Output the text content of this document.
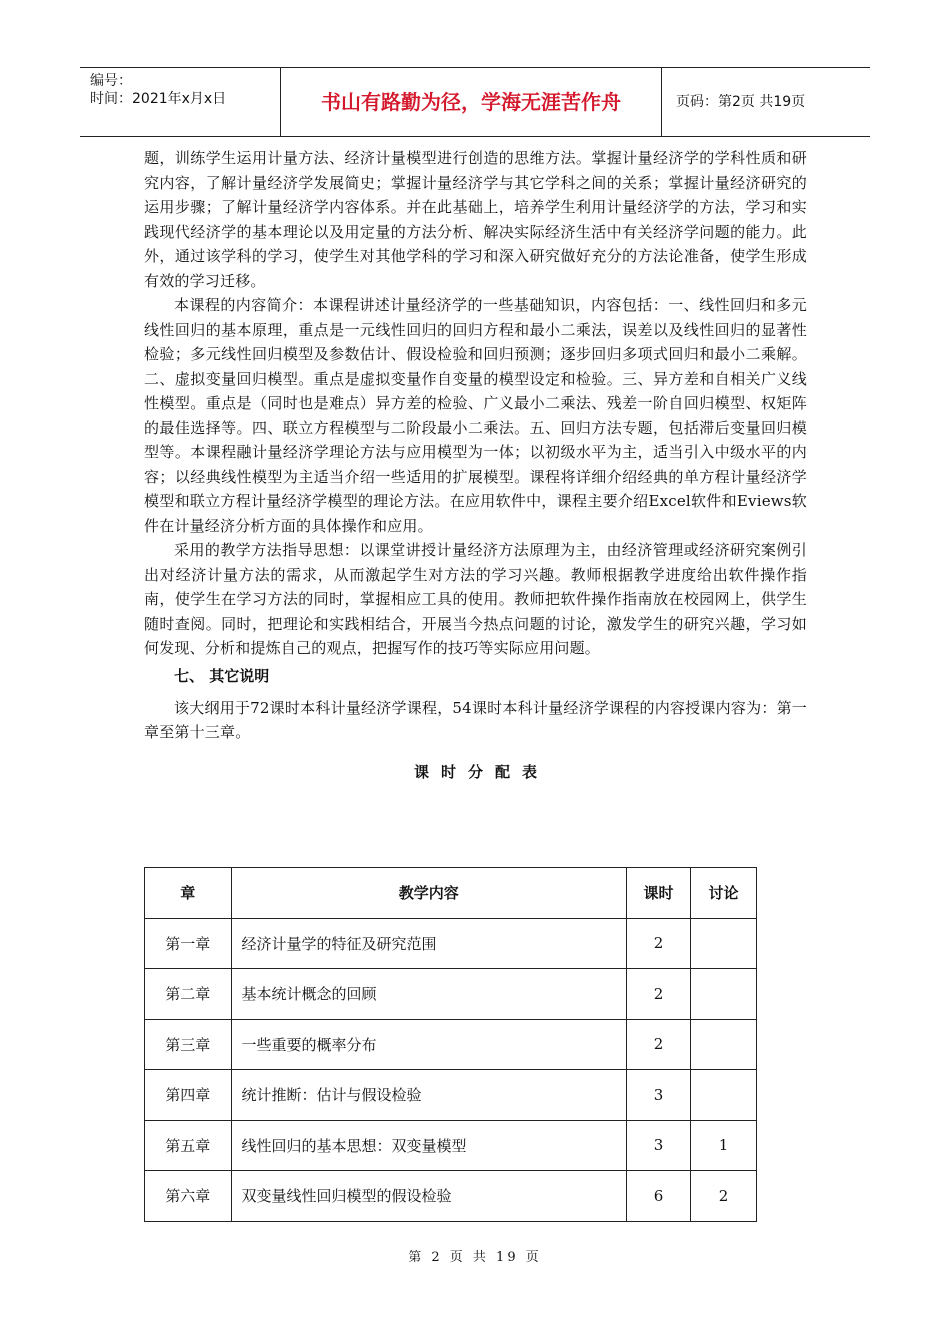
编号：
时间：2021年x月x日	书山有路勤为径，学海无涯苦作舟	页码：第2页 共19页

题，训练学生运用计量方法、经济计量模型进行创造的思维方法。掌握计量经济学的学科性质和研究内容，了解计量经济学发展简史；掌握计量经济学与其它学科之间的关系；掌握计量经济研究的运用步骤；了解计量经济学内容体系。并在此基础上，培养学生利用计量经济学的方法，学习和实践现代经济学的基本理论以及用定量的方法分析、解决实际经济生活中有关经济学问题的能力。此外，通过该学科的学习，使学生对其他学科的学习和深入研究做好充分的方法论准备，使学生形成有效的学习迁移。

本课程的内容简介：本课程讲述计量经济学的一些基础知识，内容包括：一、线性回归和多元线性回归的基本原理，重点是一元线性回归的回归方程和最小二乘法，误差以及线性回归的显著性检验；多元线性回归模型及参数估计、假设检验和回归预测；逐步回归多项式回归和最小二乘解。二、虚拟变量回归模型。重点是虚拟变量作自变量的模型设定和检验。三、异方差和自相关广义线性模型。重点是（同时也是难点）异方差的检验、广义最小二乘法、残差一阶自回归模型、权矩阵的最佳选择等。四、联立方程模型与二阶段最小二乘法。五、回归方法专题，包括滞后变量回归模型等。本课程融计量经济学理论方法与应用模型为一体；以初级水平为主，适当引入中级水平的内容；以经典线性模型为主适当介绍一些适用的扩展模型。课程将详细介绍经典的单方程计量经济学模型和联立方程计量经济学模型的理论方法。在应用软件中，课程主要介绍Excel软件和Eviews软件在计量经济分析方面的具体操作和应用。

采用的教学方法指导思想：以课堂讲授计量经济方法原理为主，由经济管理或经济研究案例引出对经济计量方法的需求，从而激起学生对方法的学习兴趣。教师根据教学进度给出软件操作指南，使学生在学习方法的同时，掌握相应工具的使用。教师把软件操作指南放在校园网上，供学生随时查阅。同时，把理论和实践相结合，开展当今热点问题的讨论，激发学生的研究兴趣，学习如何发现、分析和提炼自己的观点，把握写作的技巧等实际应用问题。

七、 其它说明

该大纲用于72课时本科计量经济学课程，54课时本科计量经济学课程的内容授课内容为：第一章至第十三章。

课时分配表
章	教学内容	课时	讨论
第一章	经济计量学的特征及研究范围	2	
第二章	基本统计概念的回顾	2	
第三章	一些重要的概率分布	2	
第四章	统计推断：估计与假设检验	3	
第五章	线性回归的基本思想：双变量模型	3	1
第六章	双变量线性回归模型的假设检验	6	2
第 2 页 共 19 页
